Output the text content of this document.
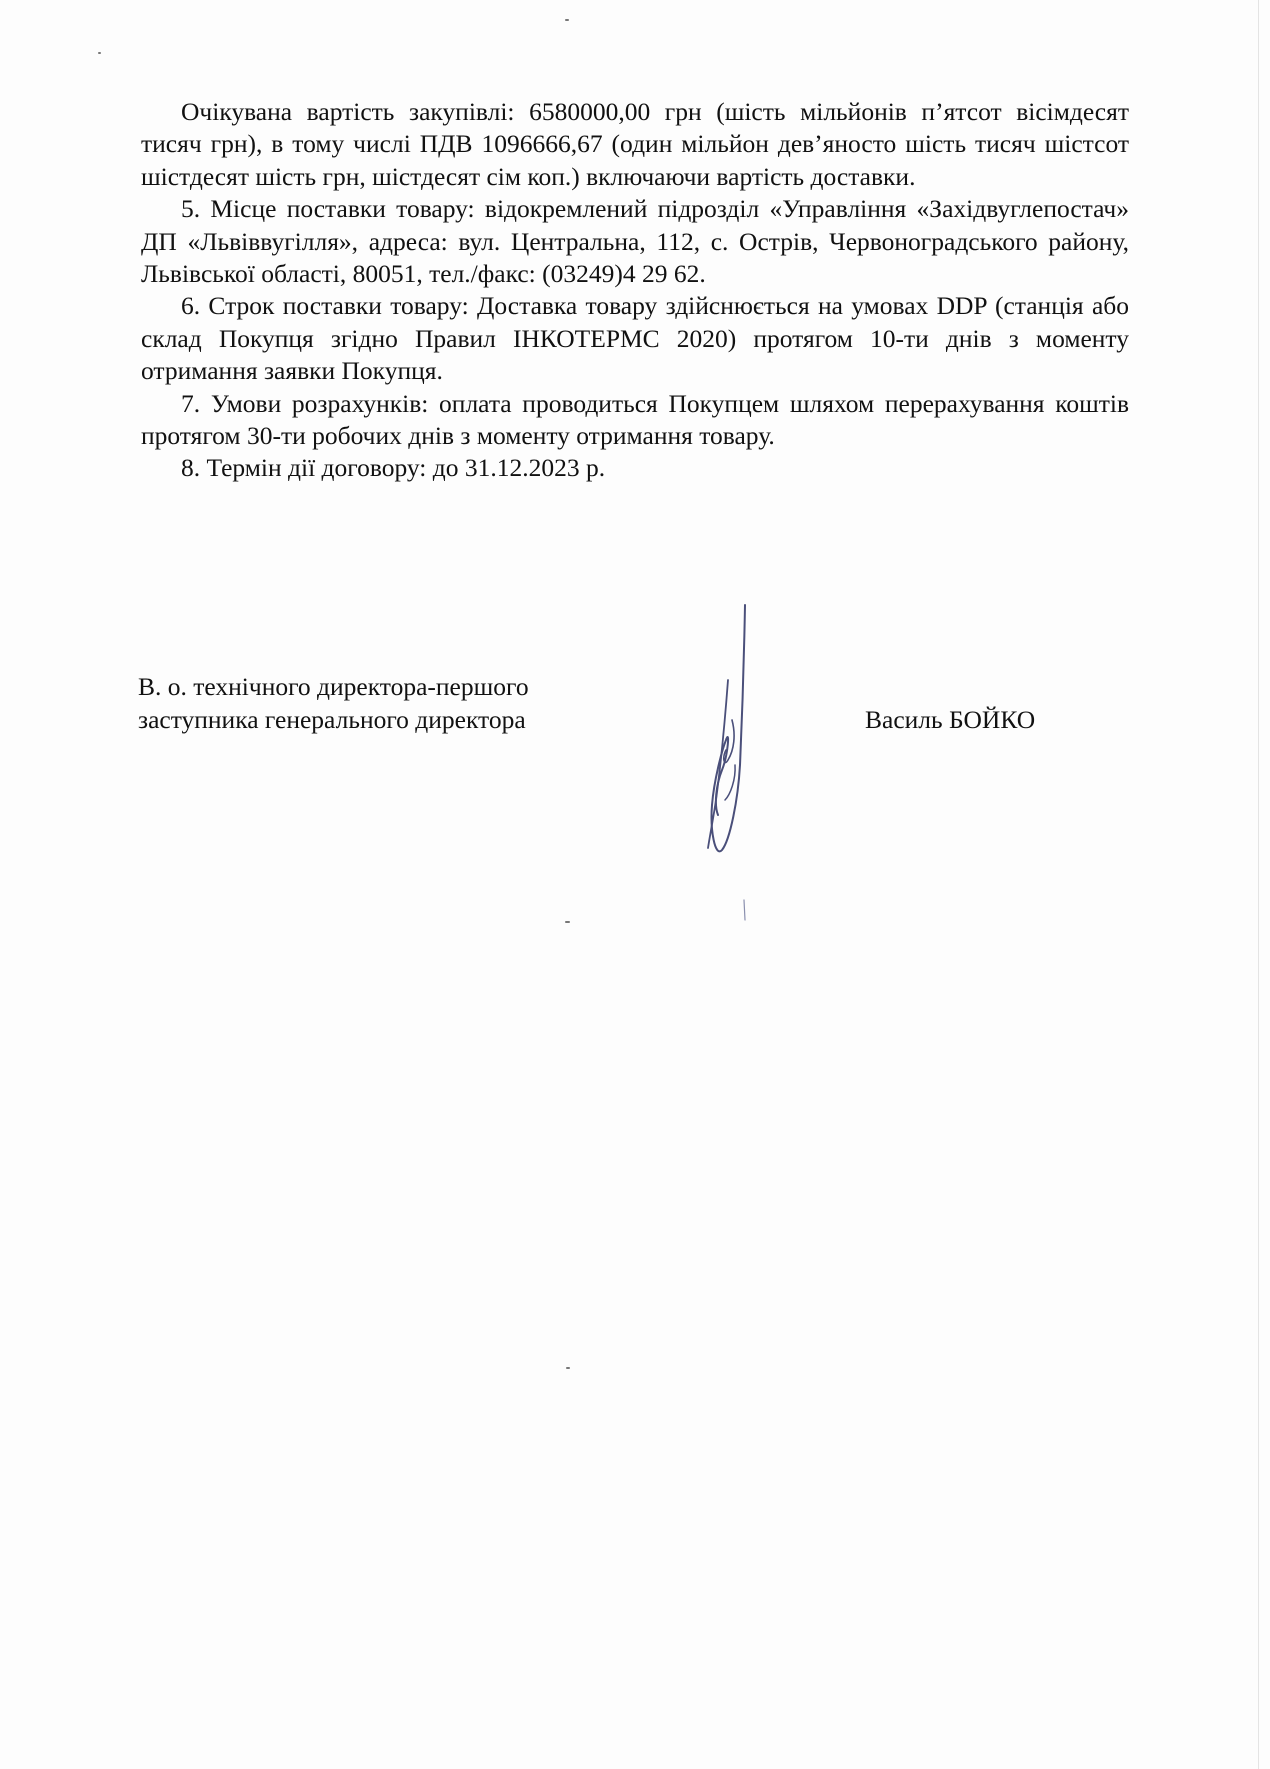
Очікувана вартість закупівлі: 6580000,00 грн (шість мільйонів п’ятсот вісімдесят тисяч грн), в тому числі ПДВ 1096666,67 (один мільйон дев’яносто шість тисяч шістсот шістдесят шість грн, шістдесят сім коп.) включаючи вартість доставки.

5. Місце поставки товару: відокремлений підрозділ «Управління «Західвуглепостач» ДП «Львіввугілля», адреса: вул. Центральна, 112, с. Острів, Червоноградського району, Львівської області, 80051, тел./факс: (03249)4 29 62.

6. Строк поставки товару: Доставка товару здійснюється на умовах DDP (станція або склад Покупця згідно Правил ІНКОТЕРМС 2020) протягом 10-ти днів з моменту отримання заявки Покупця.

7. Умови розрахунків: оплата проводиться Покупцем шляхом перерахування коштів протягом 30-ти робочих днів з моменту отримання товару.

8. Термін дії договору: до 31.12.2023 р.

В. о. технічного директора-першого
заступника генерального директора	Василь БОЙКО
